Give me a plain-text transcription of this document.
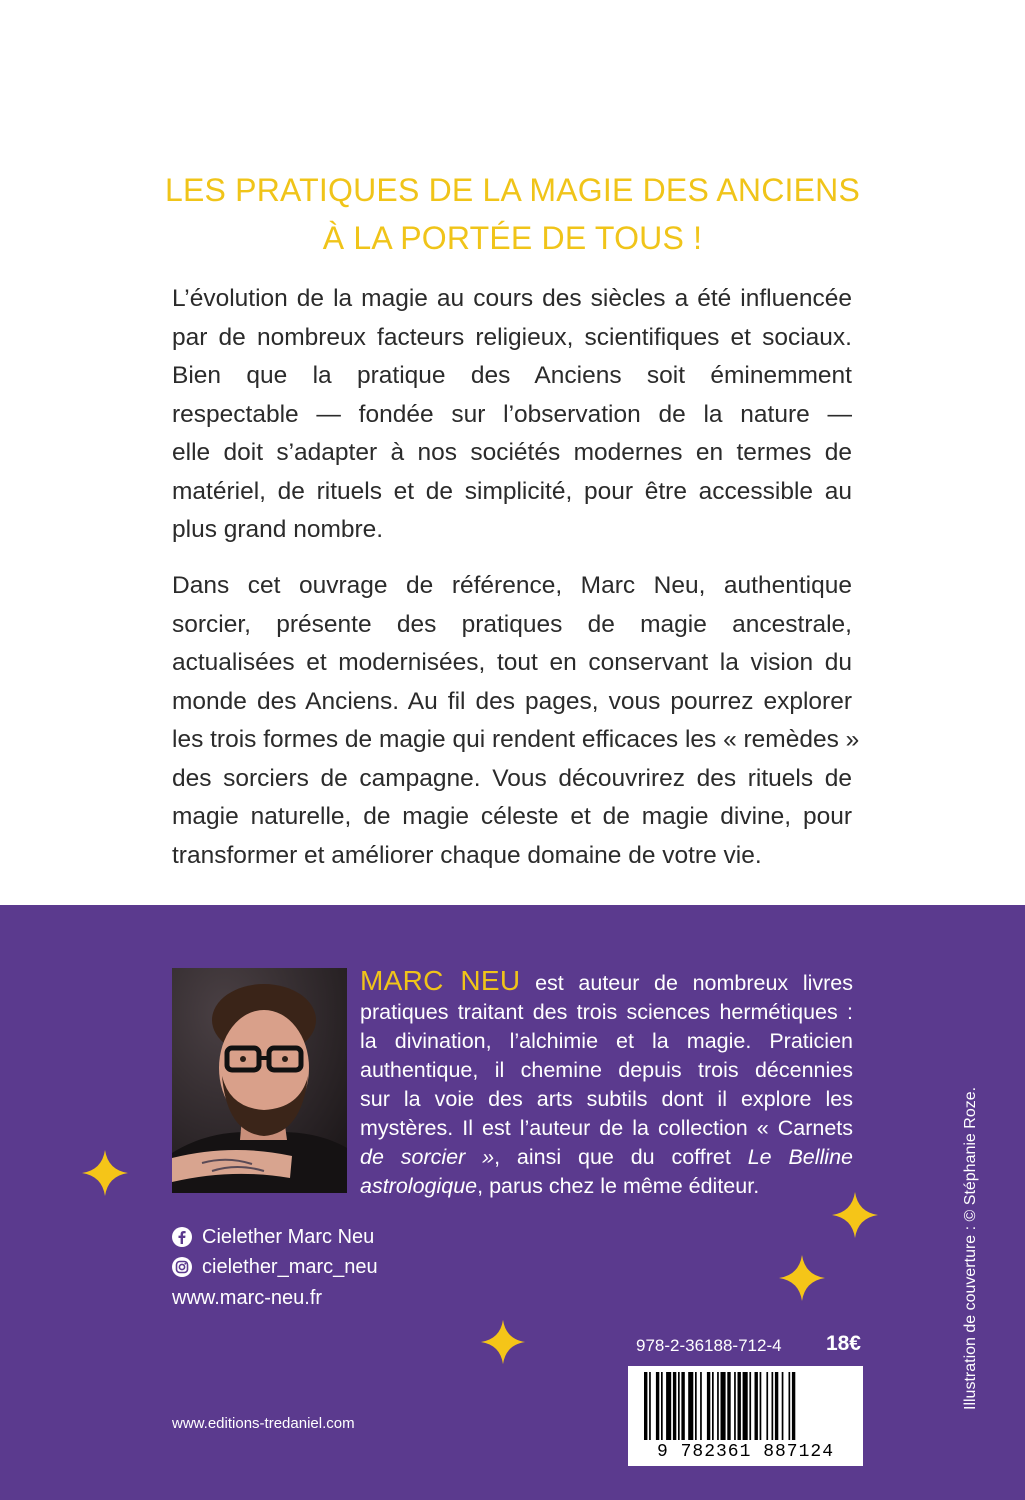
LES PRATIQUES DE LA MAGIE DES ANCIENS
À LA PORTÉE DE TOUS !
L’évolution de la magie au cours des siècles a été influencée
par de nombreux facteurs religieux, scientifiques et sociaux.
Bien que la pratique des Anciens soit éminemment
respectable — fondée sur l’observation de la nature —
elle doit s’adapter à nos sociétés modernes en termes de
matériel, de rituels et de simplicité, pour être accessible au
plus grand nombre.
Dans cet ouvrage de référence, Marc Neu, authentique
sorcier, présente des pratiques de magie ancestrale,
actualisées et modernisées, tout en conservant la vision du
monde des Anciens. Au fil des pages, vous pourrez explorer
les trois formes de magie qui rendent efficaces les « remèdes »
des sorciers de campagne. Vous découvrirez des rituels de
magie naturelle, de magie céleste et de magie divine, pour
transformer et améliorer chaque domaine de votre vie.
MARC NEU est auteur de nombreux livres
pratiques traitant des trois sciences hermétiques :
la divination, l’alchimie et la magie. Praticien
authentique, il chemine depuis trois décennies
sur la voie des arts subtils dont il explore les
mystères. Il est l’auteur de la collection « Carnets
de sorcier », ainsi que du coffret Le Belline
astrologique, parus chez le même éditeur.
Cielether Marc Neu
cielether_marc_neu
www.marc-neu.fr
www.editions-tredaniel.com
978-2-36188-712-4 18€
9 782361 887124
Illustration de couverture : © Stéphanie Roze.
